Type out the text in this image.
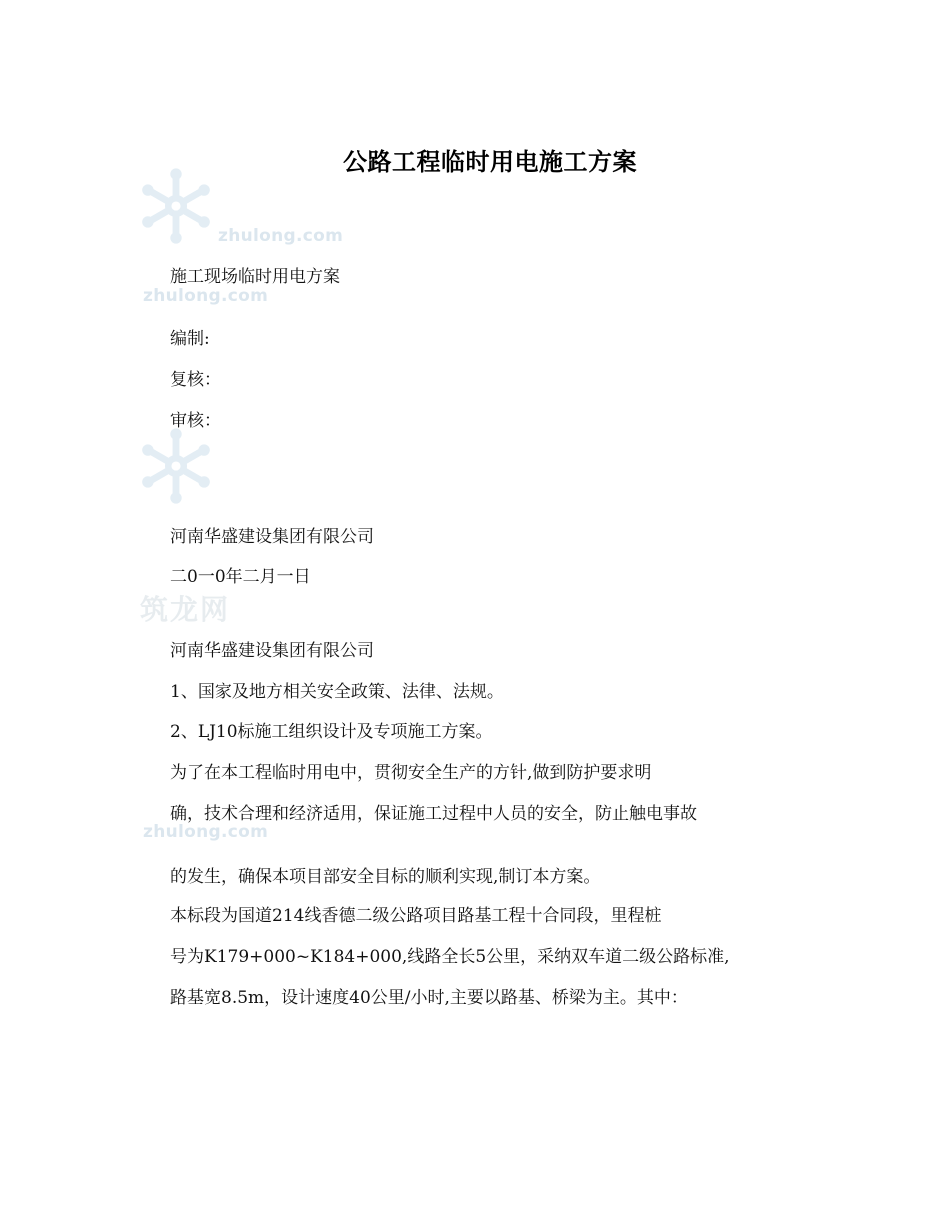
zhulong.com
zhulong.com
筑龙网
zhulong.com
公路工程临时用电施工方案
施工现场临时用电方案
编制:
复核：
审核：
河南华盛建设集团有限公司
二0一0年二月一日
河南华盛建设集团有限公司
1、国家及地方相关安全政策、法律、法规。
2、LJ10标施工组织设计及专项施工方案。
为了在本工程临时用电中，贯彻安全生产的方针,做到防护要求明
确，技术合理和经济适用，保证施工过程中人员的安全，防止触电事故
的发生，确保本项目部安全目标的顺利实现,制订本方案。
本标段为国道214线香德二级公路项目路基工程十合同段，里程桩
号为K179+000~K184+000,线路全长5公里，采纳双车道二级公路标准,
路基宽8.5m，设计速度40公里/小时,主要以路基、桥梁为主。其中：
